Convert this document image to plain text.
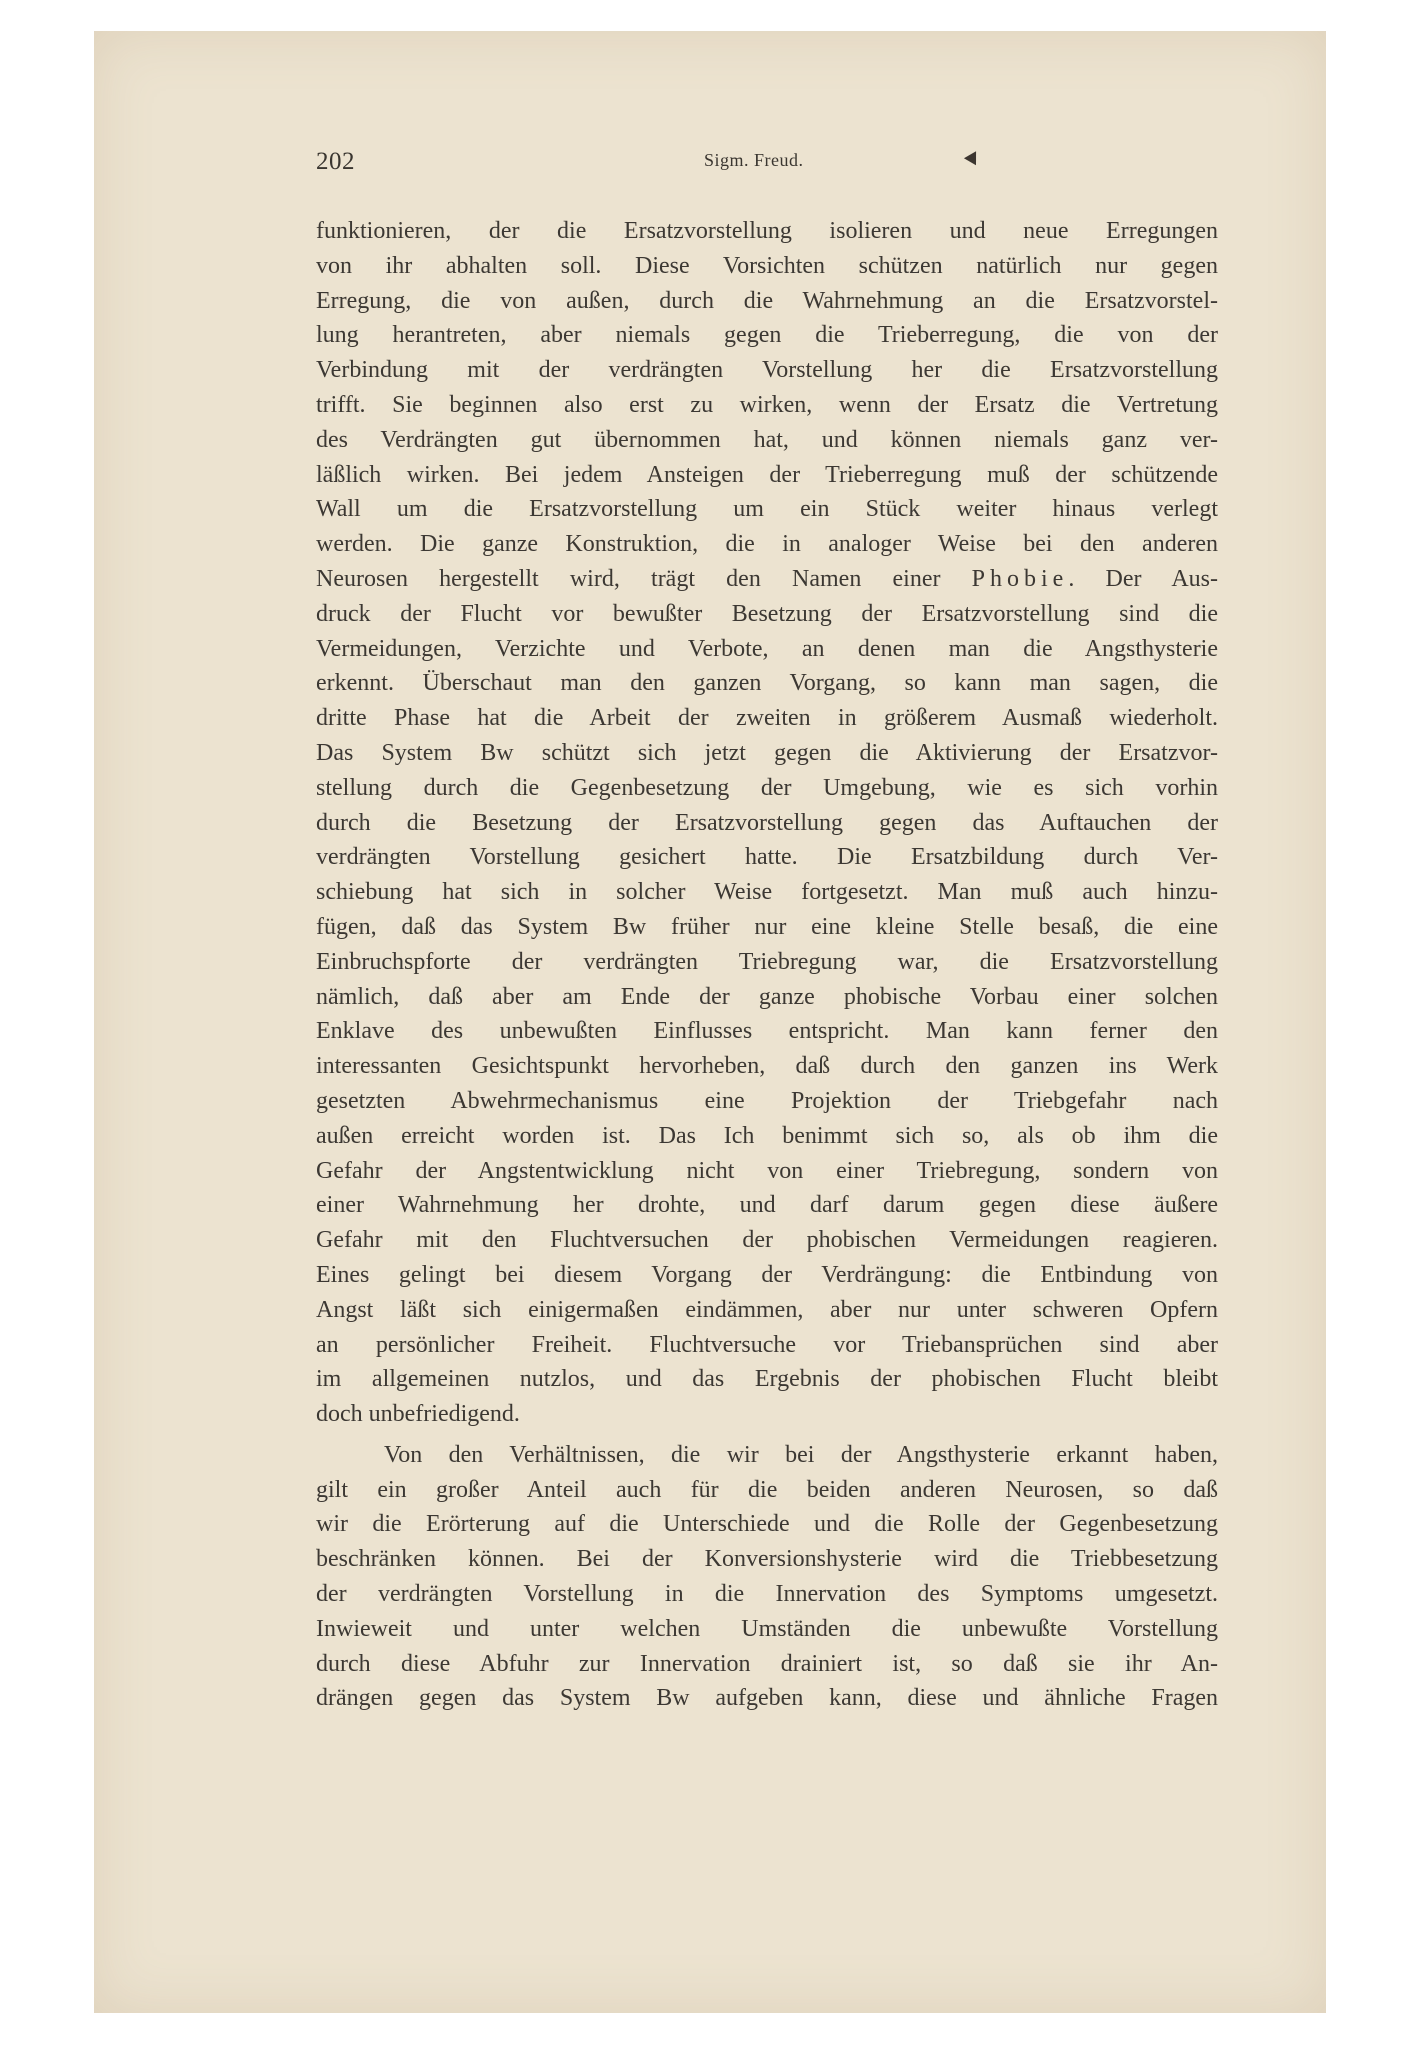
202	Sigm. Freud.
funktionieren, der die Ersatzvorstellung isolieren und neue Erregungen
von ihr abhalten soll. Diese Vorsichten schützen natürlich nur gegen
Erregung, die von außen, durch die Wahrnehmung an die Ersatzvorstel-
lung herantreten, aber niemals gegen die Trieberregung, die von der
Verbindung mit der verdrängten Vorstellung her die Ersatzvorstellung
trifft. Sie beginnen also erst zu wirken, wenn der Ersatz die Vertretung
des Verdrängten gut übernommen hat, und können niemals ganz ver-
läßlich wirken. Bei jedem Ansteigen der Trieberregung muß der schützende
Wall um die Ersatzvorstellung um ein Stück weiter hinaus verlegt
werden. Die ganze Konstruktion, die in analoger Weise bei den anderen
Neurosen hergestellt wird, trägt den Namen einer Phobie. Der Aus-
druck der Flucht vor bewußter Besetzung der Ersatzvorstellung sind die
Vermeidungen, Verzichte und Verbote, an denen man die Angsthysterie
erkennt. Überschaut man den ganzen Vorgang, so kann man sagen, die
dritte Phase hat die Arbeit der zweiten in größerem Ausmaß wiederholt.
Das System Bw schützt sich jetzt gegen die Aktivierung der Ersatzvor-
stellung durch die Gegenbesetzung der Umgebung, wie es sich vorhin
durch die Besetzung der Ersatzvorstellung gegen das Auftauchen der
verdrängten Vorstellung gesichert hatte. Die Ersatzbildung durch Ver-
schiebung hat sich in solcher Weise fortgesetzt. Man muß auch hinzu-
fügen, daß das System Bw früher nur eine kleine Stelle besaß, die eine
Einbruchspforte der verdrängten Triebregung war, die Ersatzvorstellung
nämlich, daß aber am Ende der ganze phobische Vorbau einer solchen
Enklave des unbewußten Einflusses entspricht. Man kann ferner den
interessanten Gesichtspunkt hervorheben, daß durch den ganzen ins Werk
gesetzten Abwehrmechanismus eine Projektion der Triebgefahr nach
außen erreicht worden ist. Das Ich benimmt sich so, als ob ihm die
Gefahr der Angstentwicklung nicht von einer Triebregung, sondern von
einer Wahrnehmung her drohte, und darf darum gegen diese äußere
Gefahr mit den Fluchtversuchen der phobischen Vermeidungen reagieren.
Eines gelingt bei diesem Vorgang der Verdrängung: die Entbindung von
Angst läßt sich einigermaßen eindämmen, aber nur unter schweren Opfern
an persönlicher Freiheit. Fluchtversuche vor Triebansprüchen sind aber
im allgemeinen nutzlos, und das Ergebnis der phobischen Flucht bleibt
doch unbefriedigend.
Von den Verhältnissen, die wir bei der Angsthysterie erkannt haben,
gilt ein großer Anteil auch für die beiden anderen Neurosen, so daß
wir die Erörterung auf die Unterschiede und die Rolle der Gegenbesetzung
beschränken können. Bei der Konversionshysterie wird die Triebbesetzung
der verdrängten Vorstellung in die Innervation des Symptoms umgesetzt.
Inwieweit und unter welchen Umständen die unbewußte Vorstellung
durch diese Abfuhr zur Innervation drainiert ist, so daß sie ihr An-
drängen gegen das System Bw aufgeben kann, diese und ähnliche Fragen
